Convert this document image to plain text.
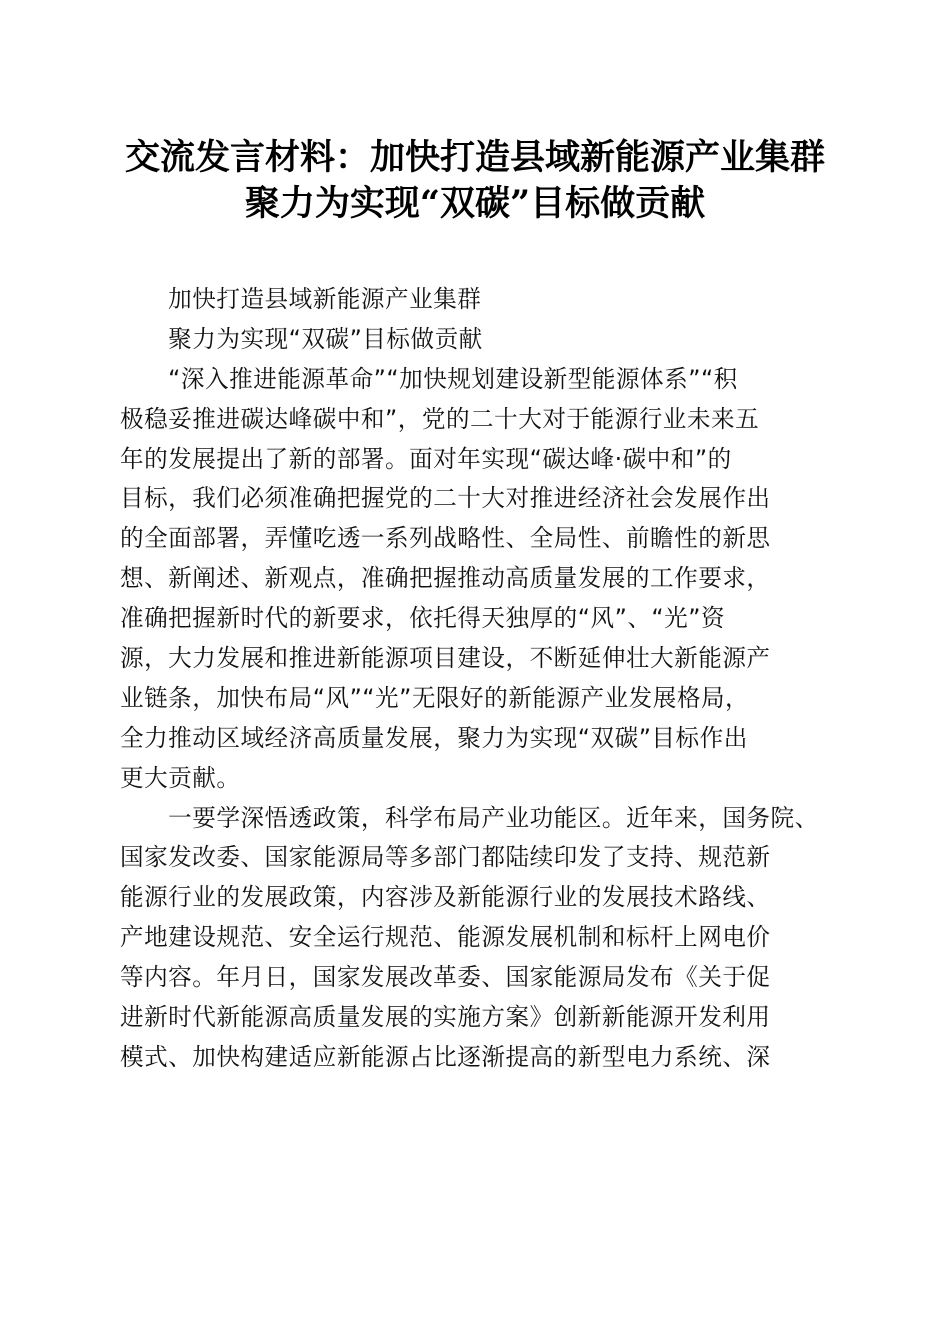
交流发言材料：加快打造县域新能源产业集群
聚力为实现“双碳”目标做贡献
　　加快打造县域新能源产业集群
　　聚力为实现“双碳”目标做贡献
　　“深入推进能源革命”“加快规划建设新型能源体系”“积
极稳妥推进碳达峰碳中和”，党的二十大对于能源行业未来五
年的发展提出了新的部署。面对年实现“碳达峰·碳中和”的
目标，我们必须准确把握党的二十大对推进经济社会发展作出
的全面部署，弄懂吃透一系列战略性、全局性、前瞻性的新思
想、新阐述、新观点，准确把握推动高质量发展的工作要求，
准确把握新时代的新要求，依托得天独厚的“风”、“光”资
源，大力发展和推进新能源项目建设，不断延伸壮大新能源产
业链条，加快布局“风”“光”无限好的新能源产业发展格局，
全力推动区域经济高质量发展，聚力为实现“双碳”目标作出
更大贡献。
　　一要学深悟透政策，科学布局产业功能区。近年来，国务院、
国家发改委、国家能源局等多部门都陆续印发了支持、规范新
能源行业的发展政策，内容涉及新能源行业的发展技术路线、
产地建设规范、安全运行规范、能源发展机制和标杆上网电价
等内容。年月日，国家发展改革委、国家能源局发布《关于促
进新时代新能源高质量发展的实施方案》创新新能源开发利用
模式、加快构建适应新能源占比逐渐提高的新型电力系统、深
